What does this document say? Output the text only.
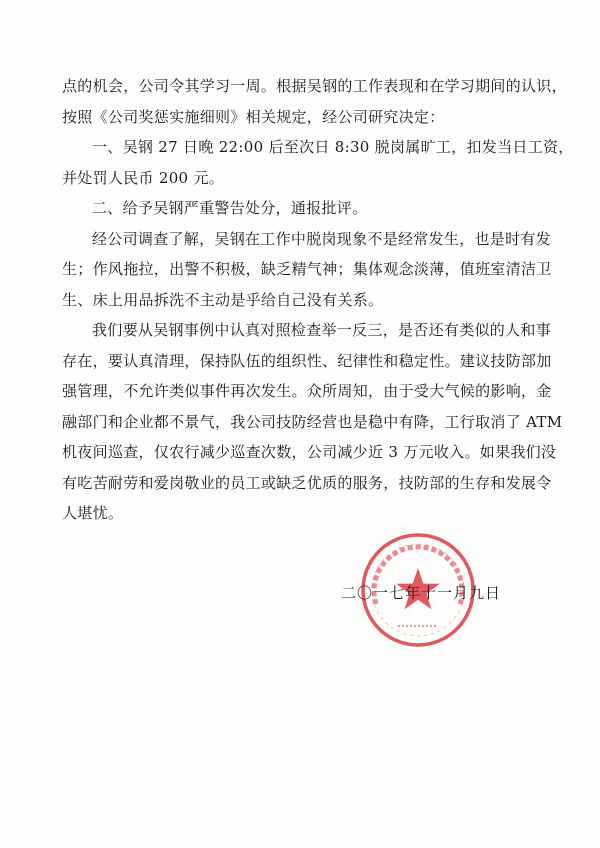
点的机会，公司令其学习一周。根据吴钢的工作表现和在学习期间的认识，
按照《公司奖惩实施细则》相关规定，经公司研究决定：
一、吴钢 27 日晚 22:00 后至次日 8:30 脱岗属旷工，扣发当日工资，
并处罚人民币 200 元。
二、给予吴钢严重警告处分，通报批评。
经公司调查了解，吴钢在工作中脱岗现象不是经常发生，也是时有发
生；作风拖拉，出警不积极，缺乏精气神；集体观念淡薄，值班室清洁卫
生、床上用品拆洗不主动是乎给自己没有关系。
我们要从吴钢事例中认真对照检查举一反三，是否还有类似的人和事
存在，要认真清理，保持队伍的组织性、纪律性和稳定性。建议技防部加
强管理，不允许类似事件再次发生。众所周知，由于受大气候的影响，金
融部门和企业都不景气，我公司技防经营也是稳中有降，工行取消了 ATM
机夜间巡查，仅农行减少巡查次数，公司减少近 3 万元收入。如果我们没
有吃苦耐劳和爱岗敬业的员工或缺乏优质的服务，技防部的生存和发展令
人堪忧。
二〇一七年十一月九日
